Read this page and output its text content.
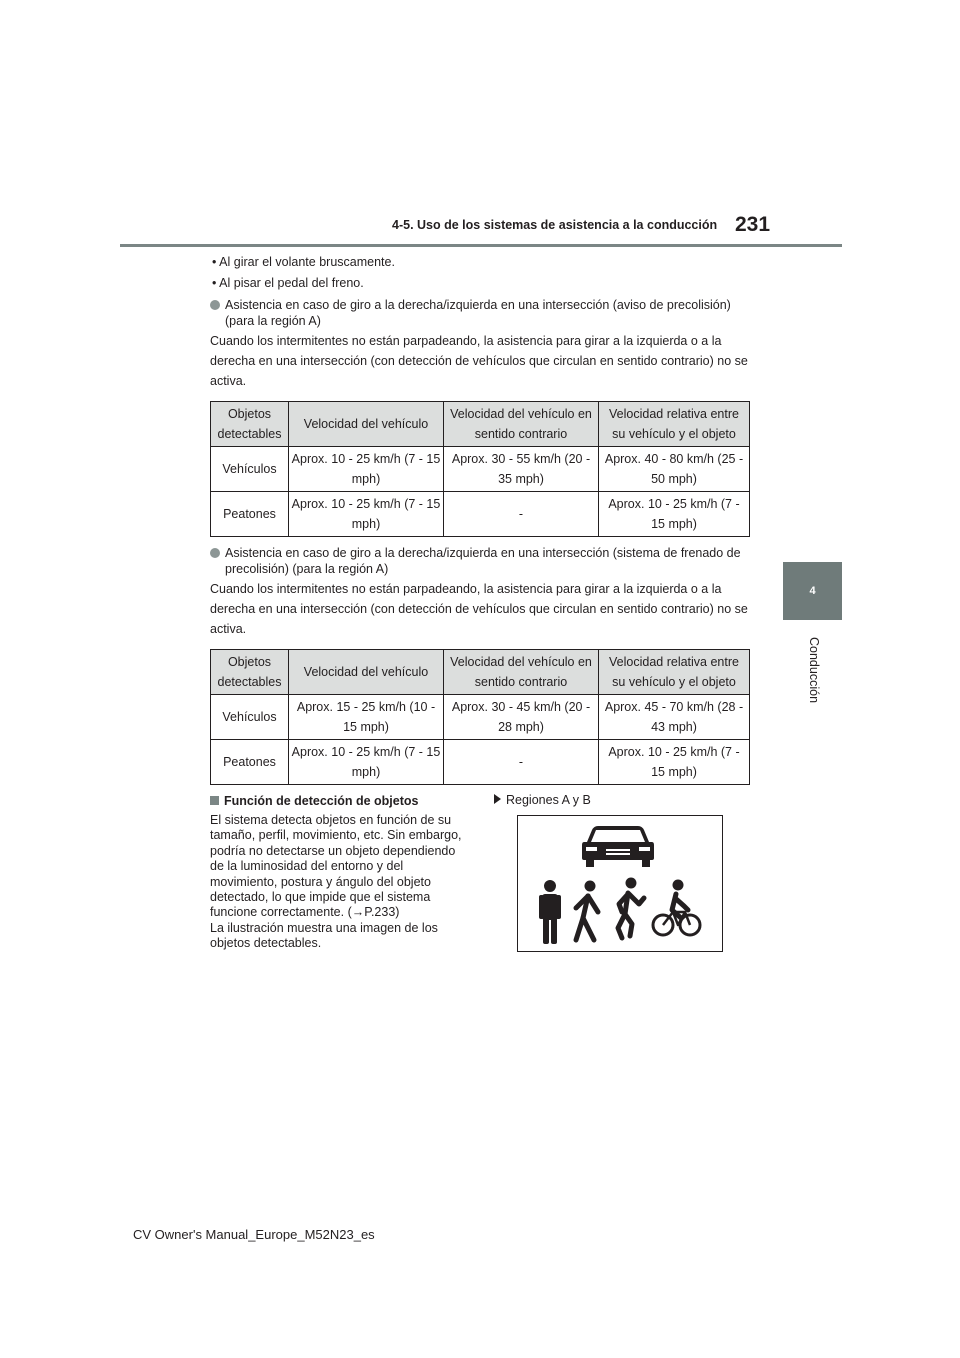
4-5. Uso de los sistemas de asistencia a la conducción 231
4
Conducción
• Al girar el volante bruscamente.
• Al pisar el pedal del freno.
Asistencia en caso de giro a la derecha/izquierda en una intersección (aviso de precolisión) (para la región A)
Cuando los intermitentes no están parpadeando, la asistencia para girar a la izquierda o a la derecha en una intersección (con detección de vehículos que circulan en sentido contrario) no se activa.
Objetos detectables	Velocidad del vehículo	Velocidad del vehículo en sentido contrario	Velocidad relativa entre su vehículo y el objeto
Vehículos	Aprox. 10 - 25 km/h (7 - 15 mph)	Aprox. 30 - 55 km/h (20 - 35 mph)	Aprox. 40 - 80 km/h (25 - 50 mph)
Peatones	Aprox. 10 - 25 km/h (7 - 15 mph)	-	Aprox. 10 - 25 km/h (7 - 15 mph)
Asistencia en caso de giro a la derecha/izquierda en una intersección (sistema de frenado de precolisión) (para la región A)
Cuando los intermitentes no están parpadeando, la asistencia para girar a la izquierda o a la derecha en una intersección (con detección de vehículos que circulan en sentido contrario) no se activa.
Objetos detectables	Velocidad del vehículo	Velocidad del vehículo en sentido contrario	Velocidad relativa entre su vehículo y el objeto
Vehículos	Aprox. 15 - 25 km/h (10 - 15 mph)	Aprox. 30 - 45 km/h (20 - 28 mph)	Aprox. 45 - 70 km/h (28 - 43 mph)
Peatones	Aprox. 10 - 25 km/h (7 - 15 mph)	-	Aprox. 10 - 25 km/h (7 - 15 mph)
Función de detección de objetos
El sistema detecta objetos en función de su tamaño, perfil, movimiento, etc. Sin embargo, podría no detectarse un objeto dependiendo de la luminosidad del entorno y del movimiento, postura y ángulo del objeto detectado, lo que impide que el sistema funcione correctamente. (→P.233)
La ilustración muestra una imagen de los objetos detectables.
Regiones A y B
CV Owner's Manual_Europe_M52N23_es
